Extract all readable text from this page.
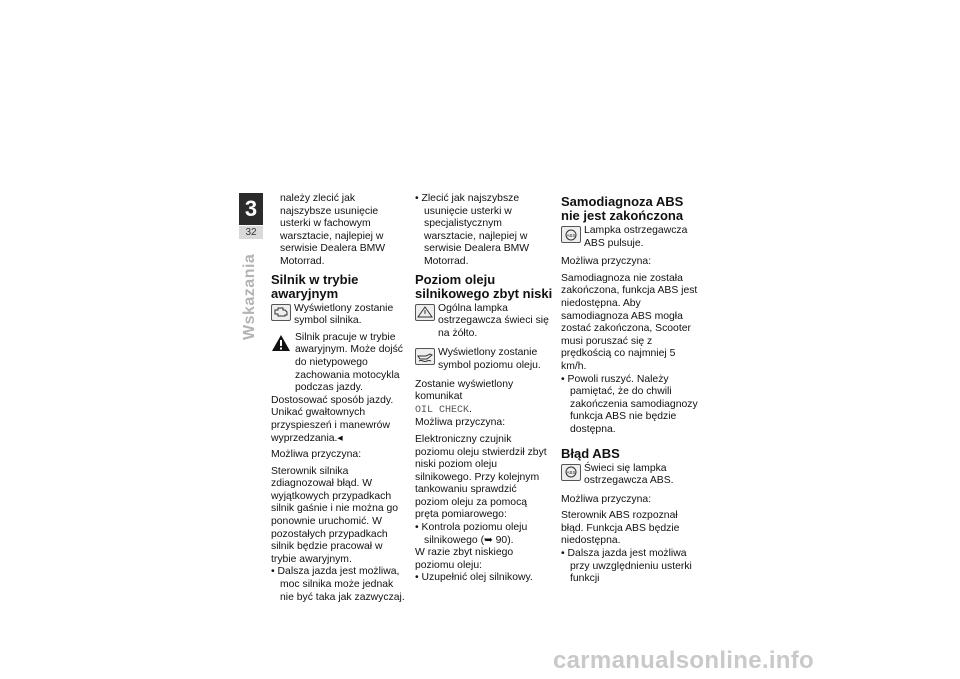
3
32
Wskazania

należy zlecić jak najszybsze usunięcie usterki w fachowym warsztacie, najlepiej w serwisie Dealera BMW Motorrad.

Silnik w trybie awaryjnym

Wyświetlony zostanie symbol silnika.

Silnik pracuje w trybie awaryjnym. Może dojść do nietypowego zachowania motocykla podczas jazdy.

Dostosować sposób jazdy. Unikać gwałtownych przyspieszeń i manewrów wyprzedzania.◂

Możliwa przyczyna:

Sterownik silnika zdiagnozował błąd. W wyjątkowych przypadkach silnik gaśnie i nie można go ponownie uruchomić. W pozostałych przypadkach silnik będzie pracował w trybie awaryjnym.

• Dalsza jazda jest możliwa, moc silnika może jednak nie być taka jak zazwyczaj.

• Zlecić jak najszybsze usunięcie usterki w specjalistycznym warsztacie, najlepiej w serwisie Dealera BMW Motorrad.

Poziom oleju silnikowego zbyt niski

Ogólna lampka ostrzegawcza świeci się na żółto.

Wyświetlony zostanie symbol poziomu oleju.

Zostanie wyświetlony komunikat

OIL CHECK.

Możliwa przyczyna:

Elektroniczny czujnik poziomu oleju stwierdził zbyt niski poziom oleju silnikowego. Przy kolejnym tankowaniu sprawdzić poziom oleju za pomocą pręta pomiarowego:

• Kontrola poziomu oleju silnikowego (➥ 90).

W razie zbyt niskiego poziomu oleju:

• Uzupełnić olej silnikowy.

Samodiagnoza ABS nie jest zakończona
ABS Lampka ostrzegawcza ABS pulsuje.

Możliwa przyczyna:

Samodiagnoza nie została zakończona, funkcja ABS jest niedostępna. Aby samodiagnoza ABS mogła zostać zakończona, Scooter musi poruszać się z prędkością co najmniej 5 km/h.

• Powoli ruszyć. Należy pamiętać, że do chwili zakończenia samodiagnozy funkcja ABS nie będzie dostępna.

Błąd ABS
ABS Świeci się lampka ostrzegawcza ABS.

Możliwa przyczyna:

Sterownik ABS rozpoznał błąd. Funkcja ABS będzie niedostępna.

• Dalsza jazda jest możliwa przy uwzględnieniu usterki funkcji

carmanualsonline.info
